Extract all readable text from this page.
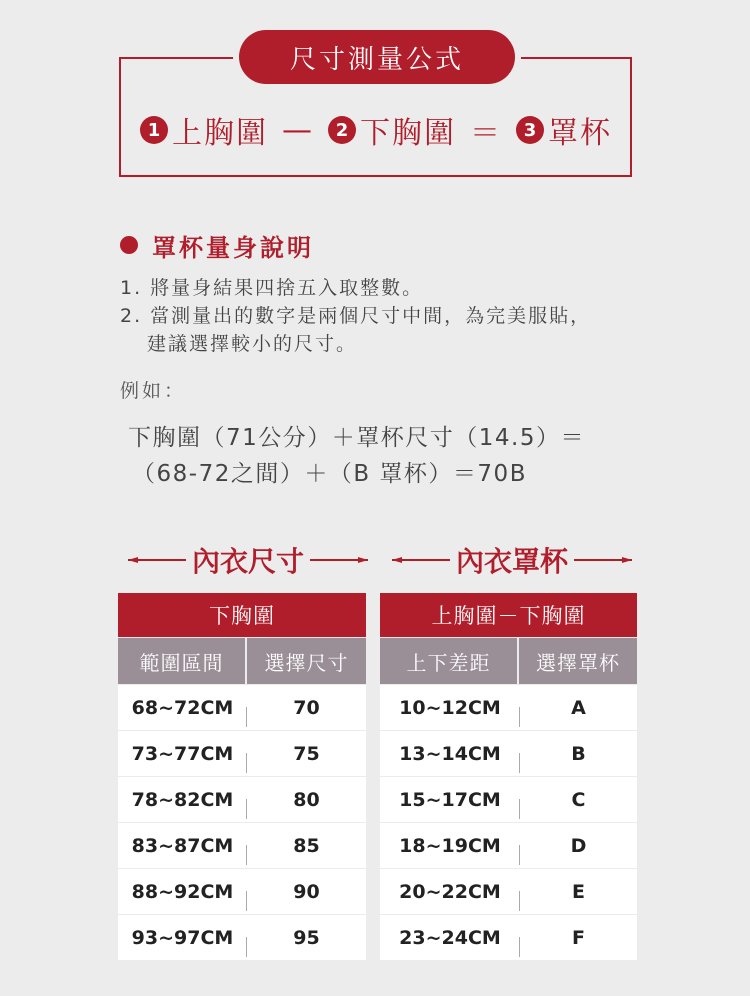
尺寸測量公式
1 上胸圍 —	2 下胸圍 ＝	3 罩杯
罩杯量身說明
1. 將量身結果四捨五入取整數。
2. 當測量出的數字是兩個尺寸中間，為完美服貼，
建議選擇較小的尺寸。
例如：
下胸圍（71公分）＋罩杯尺寸（14.5）＝
（68-72之間）＋（B 罩杯）＝70B
內衣尺寸	內衣罩杯
下胸圍
範圍區間	選擇尺寸
68~72CM	70
73~77CM	75
78~82CM	80
83~87CM	85
88~92CM	90
93~97CM	95
上胸圍－下胸圍
上下差距	選擇罩杯
10~12CM	A
13~14CM	B
15~17CM	C
18~19CM	D
20~22CM	E
23~24CM	F
